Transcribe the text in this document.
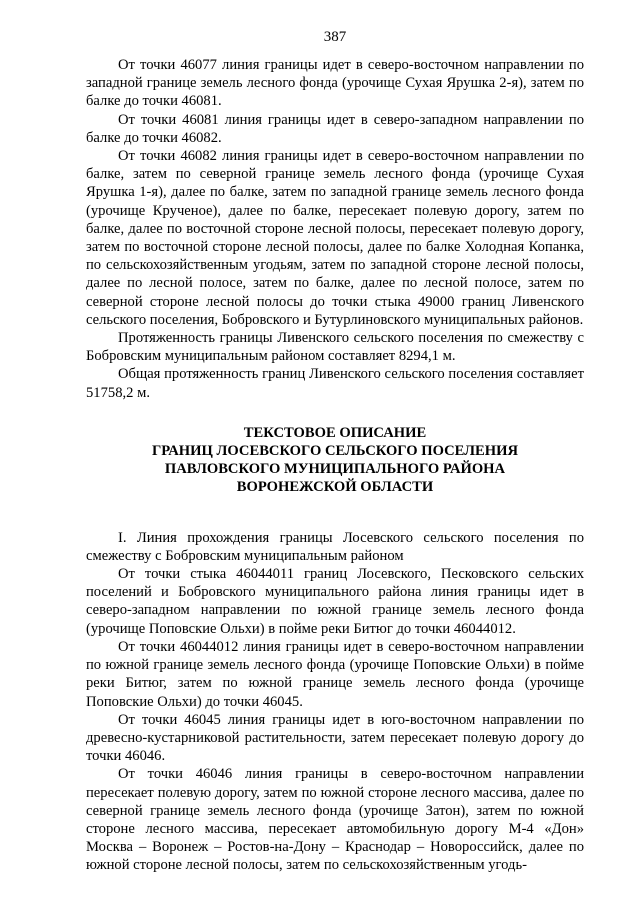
387

От точки 46077 линия границы идет в северо-восточном направлении по западной границе земель лесного фонда (урочище Сухая Ярушка 2-я), затем по балке до точки 46081.

От точки 46081 линия границы идет в северо-западном направлении по балке до точки 46082.

От точки 46082 линия границы идет в северо-восточном направлении по балке, затем по северной границе земель лесного фонда (урочище Сухая Ярушка 1-я), далее по балке, затем по западной границе земель лесного фонда (урочище Крученое), далее по балке, пересекает полевую дорогу, затем по балке, далее по восточной стороне лесной полосы, пересекает полевую дорогу, затем по восточной стороне лесной полосы, далее по балке Холодная Копанка, по сельскохозяйственным угодьям, затем по западной стороне лесной полосы, далее по лесной полосе, затем по балке, далее по лесной полосе, затем по северной стороне лесной полосы до точки стыка 49000 границ Ливенского сельского поселения, Бобровского и Бутурлиновского муниципальных районов.

Протяженность границы Ливенского сельского поселения по смежеству с Бобровским муниципальным районом составляет 8294,1 м.

Общая протяженность границ Ливенского сельского поселения составляет 51758,2 м.

ТЕКСТОВОЕ ОПИСАНИЕ
ГРАНИЦ ЛОСЕВСКОГО СЕЛЬСКОГО ПОСЕЛЕНИЯ
ПАВЛОВСКОГО МУНИЦИПАЛЬНОГО РАЙОНА
ВОРОНЕЖСКОЙ ОБЛАСТИ

I. Линия прохождения границы Лосевского сельского поселения по смежеству с Бобровским муниципальным районом

От точки стыка 46044011 границ Лосевского, Песковского сельских поселений и Бобровского муниципального района линия границы идет в северо-западном направлении по южной границе земель лесного фонда (урочище Поповские Ольхи) в пойме реки Битюг до точки 46044012.

От точки 46044012 линия границы идет в северо-восточном направлении по южной границе земель лесного фонда (урочище Поповские Ольхи) в пойме реки Битюг, затем по южной границе земель лесного фонда (урочище Поповские Ольхи) до точки 46045.

От точки 46045 линия границы идет в юго-восточном направлении по древесно-кустарниковой растительности, затем пересекает полевую дорогу до точки 46046.

От точки 46046 линия границы в северо-восточном направлении пересекает полевую дорогу, затем по южной стороне лесного массива, далее по северной границе земель лесного фонда (урочище Затон), затем по южной стороне лесного массива, пересекает автомобильную дорогу М-4 «Дон» Москва – Воронеж – Ростов-на-Дону – Краснодар – Новороссийск, далее по южной стороне лесной полосы, затем по сельскохозяйственным угодь-
